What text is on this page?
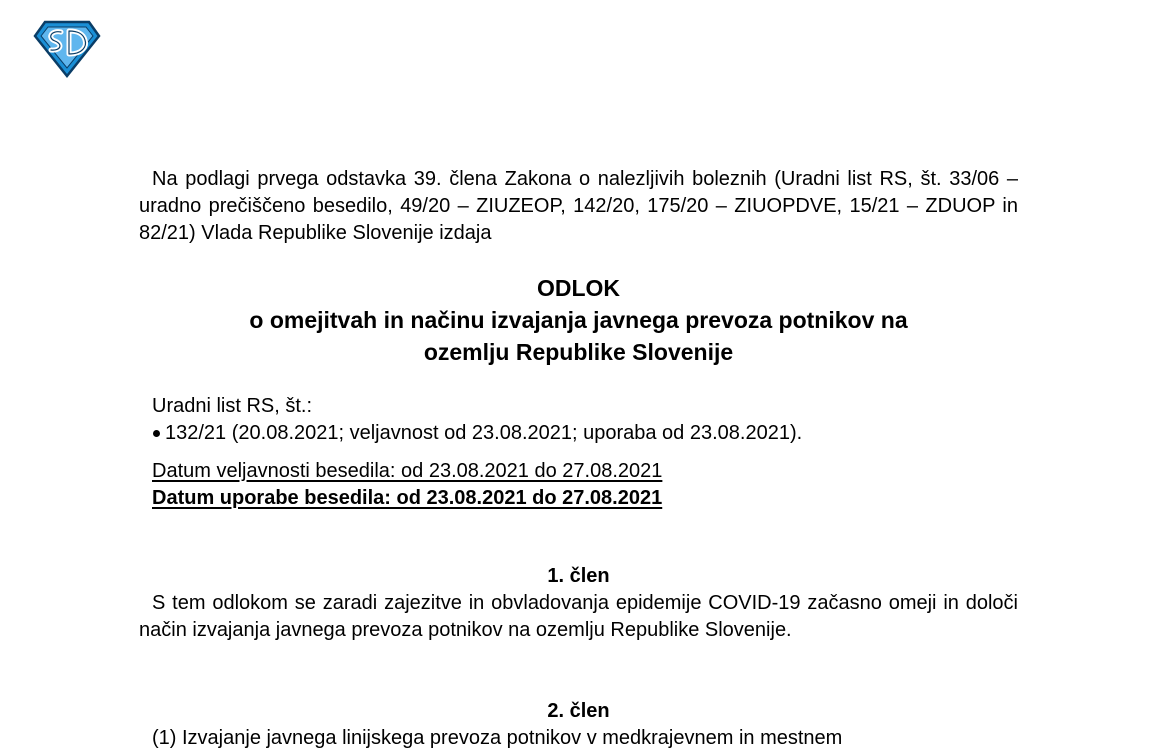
Na podlagi prvega odstavka 39. člena Zakona o nalezljivih boleznih (Uradni list RS, št. 33/06 – uradno prečiščeno besedilo, 49/20 – ZIUZEOP, 142/20, 175/20 – ZIUOPDVE, 15/21 – ZDUOP in 82/21) Vlada Republike Slovenije izdaja

ODLOK
o omejitvah in načinu izvajanja javnega prevoza potnikov na
ozemlju Republike Slovenije
Uradni list RS, št.:
132/21 (20.08.2021; veljavnost od 23.08.2021; uporaba od 23.08.2021).
Datum veljavnosti besedila: od 23.08.2021 do 27.08.2021
Datum uporabe besedila: od 23.08.2021 do 27.08.2021
1. člen

S tem odlokom se zaradi zajezitve in obvladovanja epidemije COVID-19 začasno omeji in določi način izvajanja javnega prevoza potnikov na ozemlju Republike Slovenije.

2. člen

(1) Izvajanje javnega linijskega prevoza potnikov v medkrajevnem in mestnem
